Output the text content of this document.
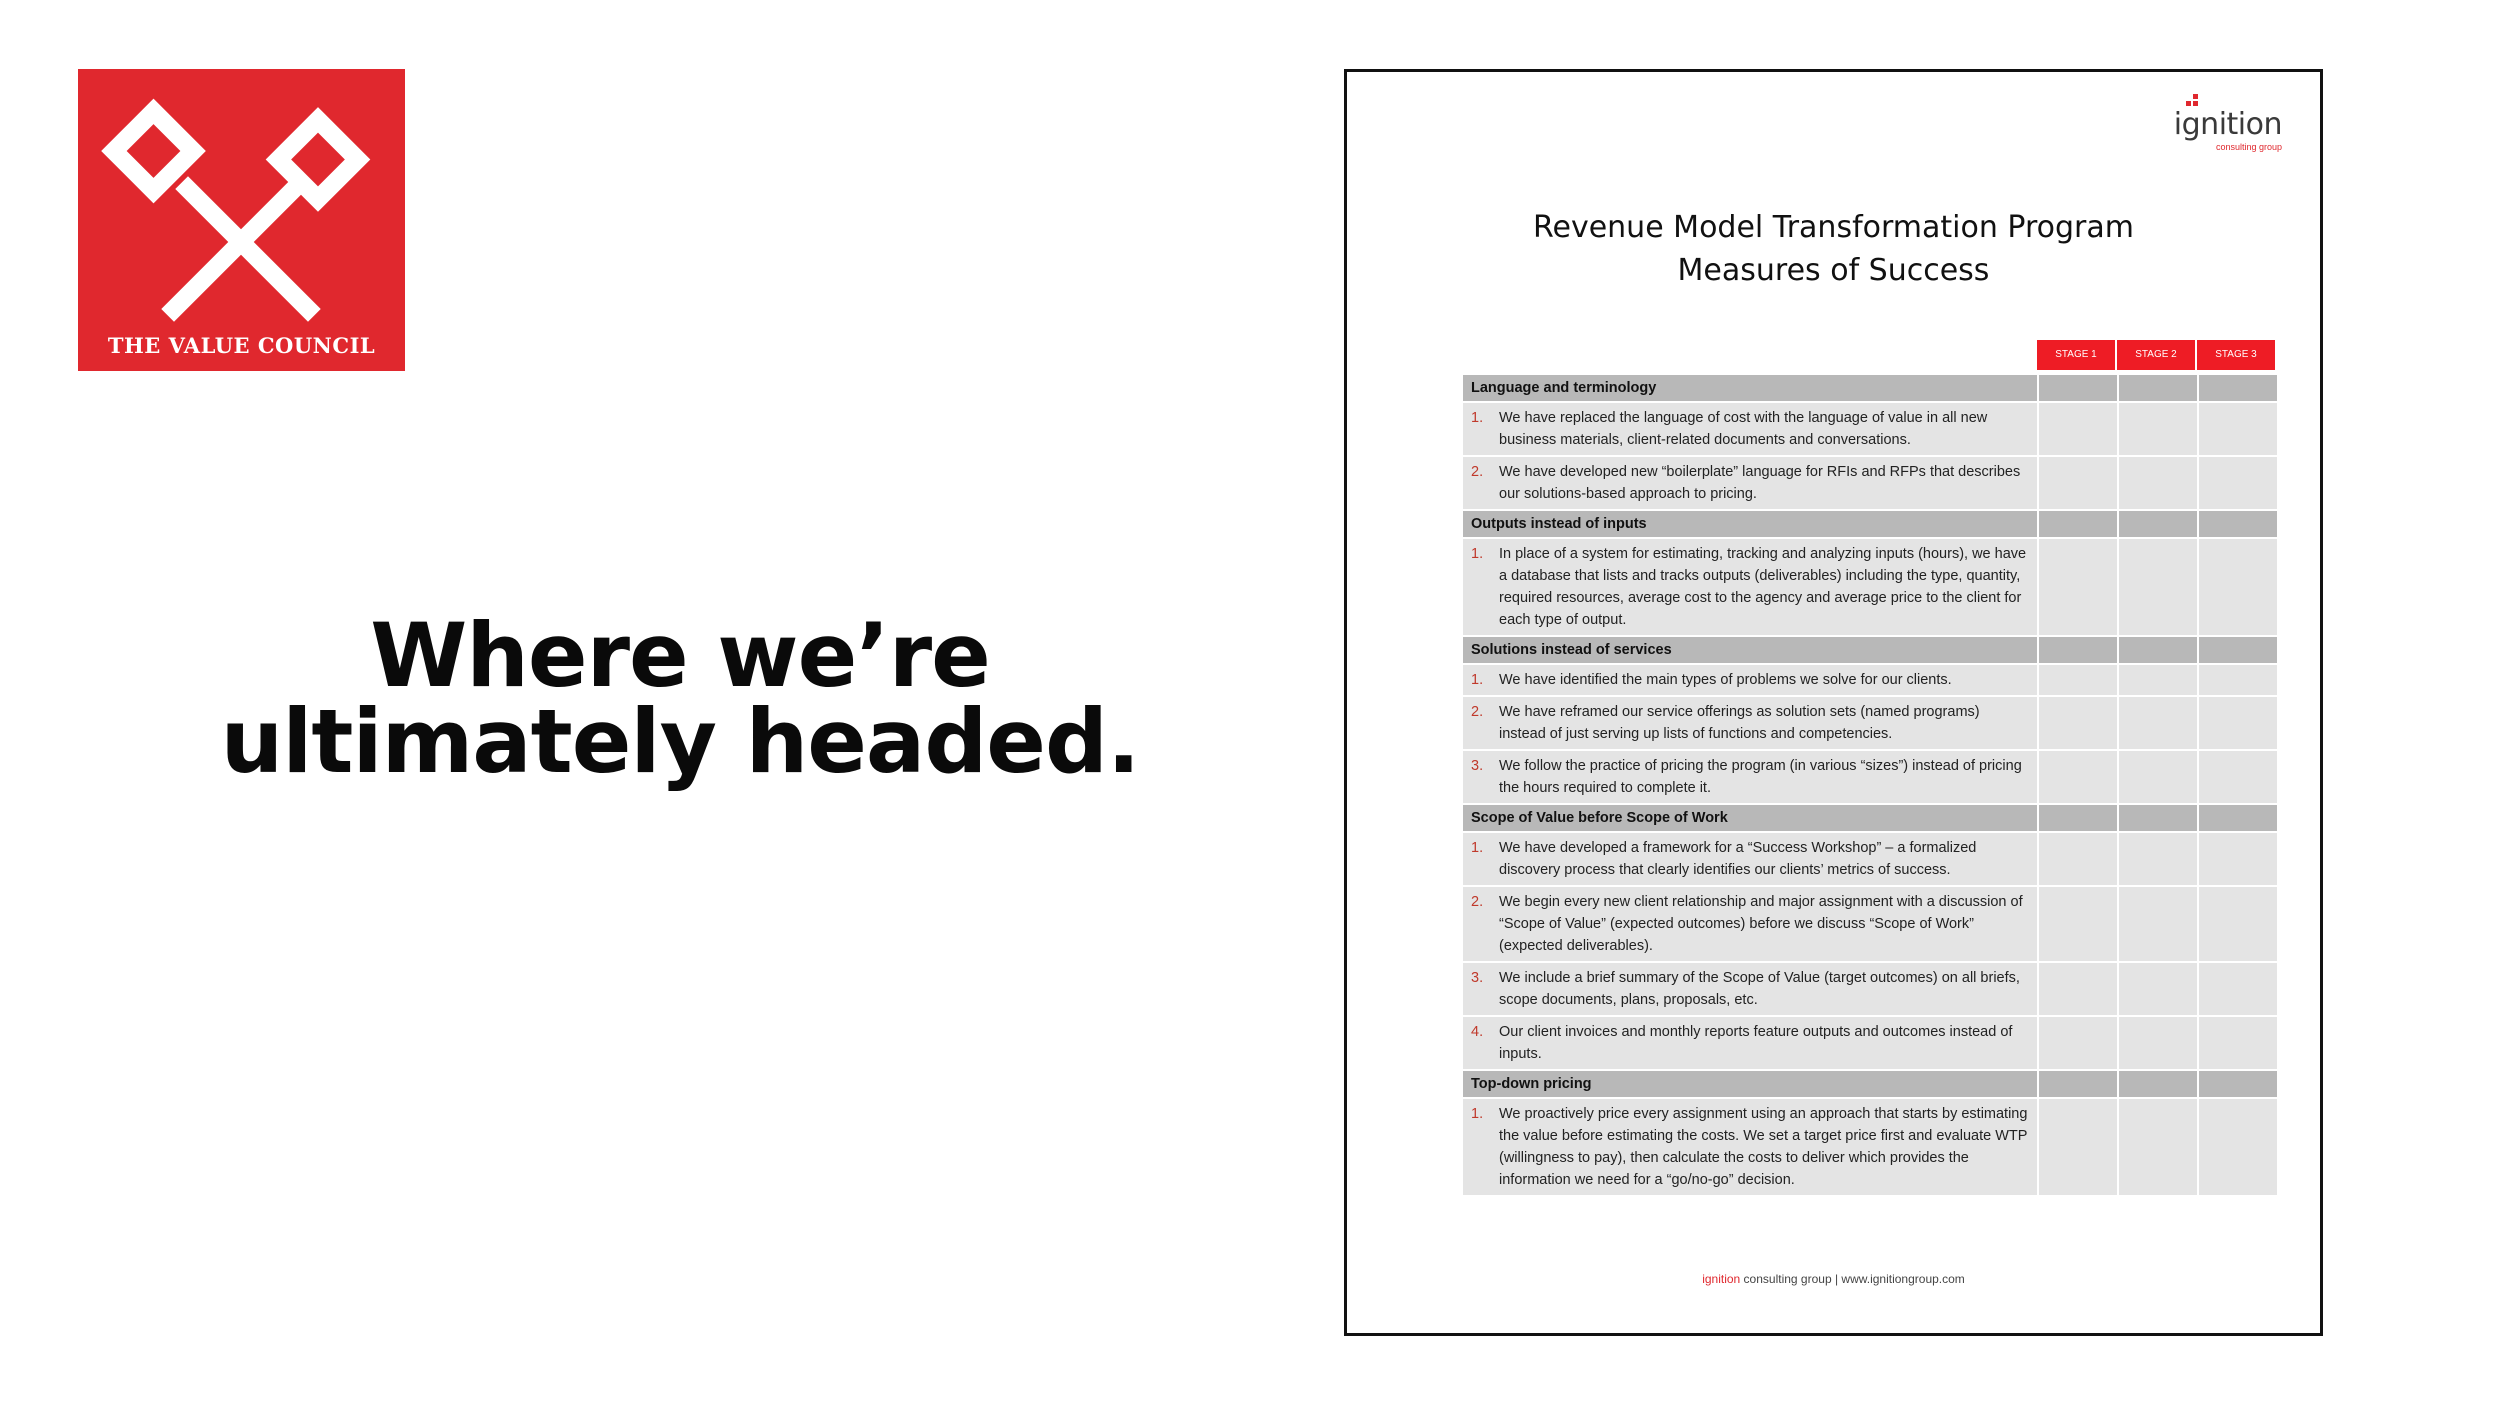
THE VALUE COUNCIL
Where we’re
ultimately headed.
ignition
consulting group
Revenue Model Transformation Program
Measures of Success
STAGE 1	STAGE 2	STAGE 3
Language and terminology
1. We have replaced the language of cost with the language of value in all new business materials, client-related documents and conversations.
2. We have developed new “boilerplate” language for RFIs and RFPs that describes our solutions-based approach to pricing.
Outputs instead of inputs
1. In place of a system for estimating, tracking and analyzing inputs (hours), we have a database that lists and tracks outputs (deliverables) including the type, quantity, required resources, average cost to the agency and average price to the client for each type of output.
Solutions instead of services
1. We have identified the main types of problems we solve for our clients.
2. We have reframed our service offerings as solution sets (named programs) instead of just serving up lists of functions and competencies.
3. We follow the practice of pricing the program (in various “sizes”) instead of pricing the hours required to complete it.
Scope of Value before Scope of Work
1. We have developed a framework for a “Success Workshop” – a formalized discovery process that clearly identifies our clients’ metrics of success.
2. We begin every new client relationship and major assignment with a discussion of “Scope of Value” (expected outcomes) before we discuss “Scope of Work” (expected deliverables).
3. We include a brief summary of the Scope of Value (target outcomes) on all briefs, scope documents, plans, proposals, etc.
4. Our client invoices and monthly reports feature outputs and outcomes instead of inputs.
Top-down pricing
1. We proactively price every assignment using an approach that starts by estimating the value before estimating the costs. We set a target price first and evaluate WTP (willingness to pay), then calculate the costs to deliver which provides the information we need for a “go/no-go” decision.
ignition consulting group | www.ignitiongroup.com
